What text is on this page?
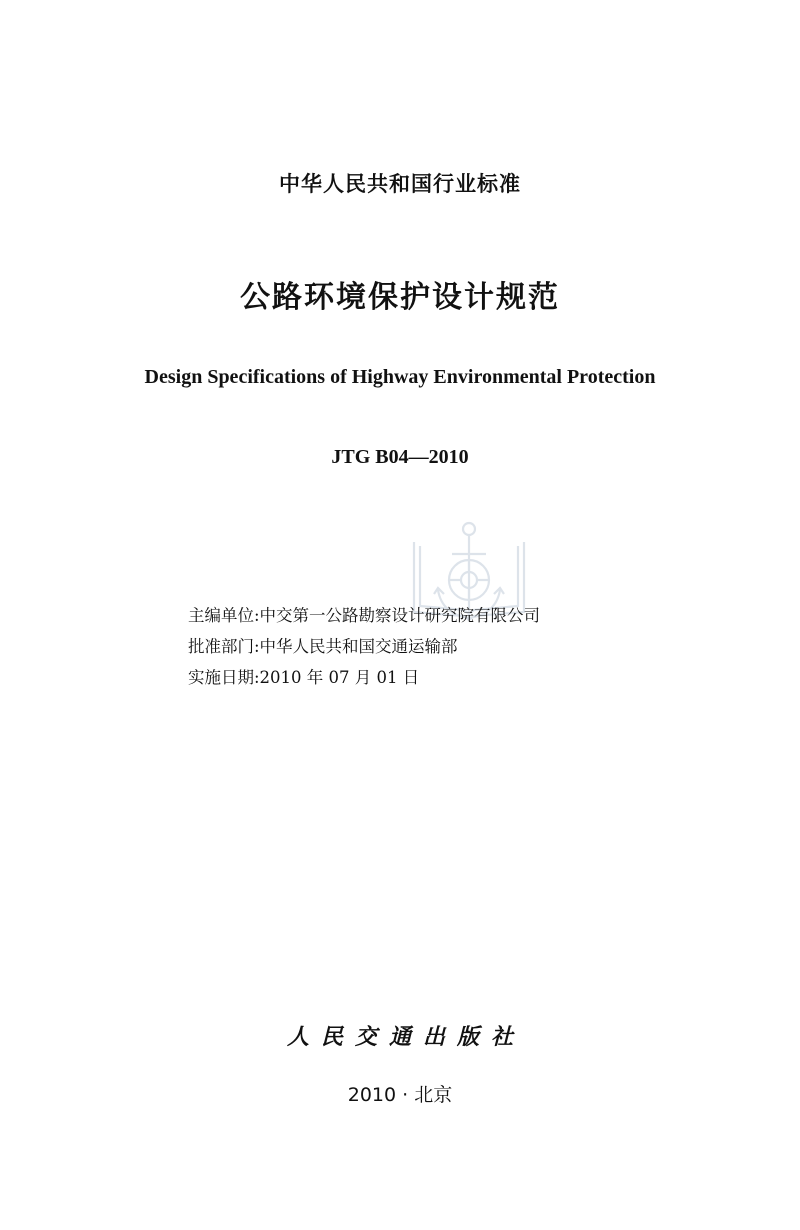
中华人民共和国行业标准
公路环境保护设计规范
Design Specifications of Highway Environmental Protection
JTG B04—2010
主编单位:中交第一公路勘察设计研究院有限公司
批准部门:中华人民共和国交通运输部
实施日期:2010 年 07 月 01 日
人民交通出版社
2010 · 北京
